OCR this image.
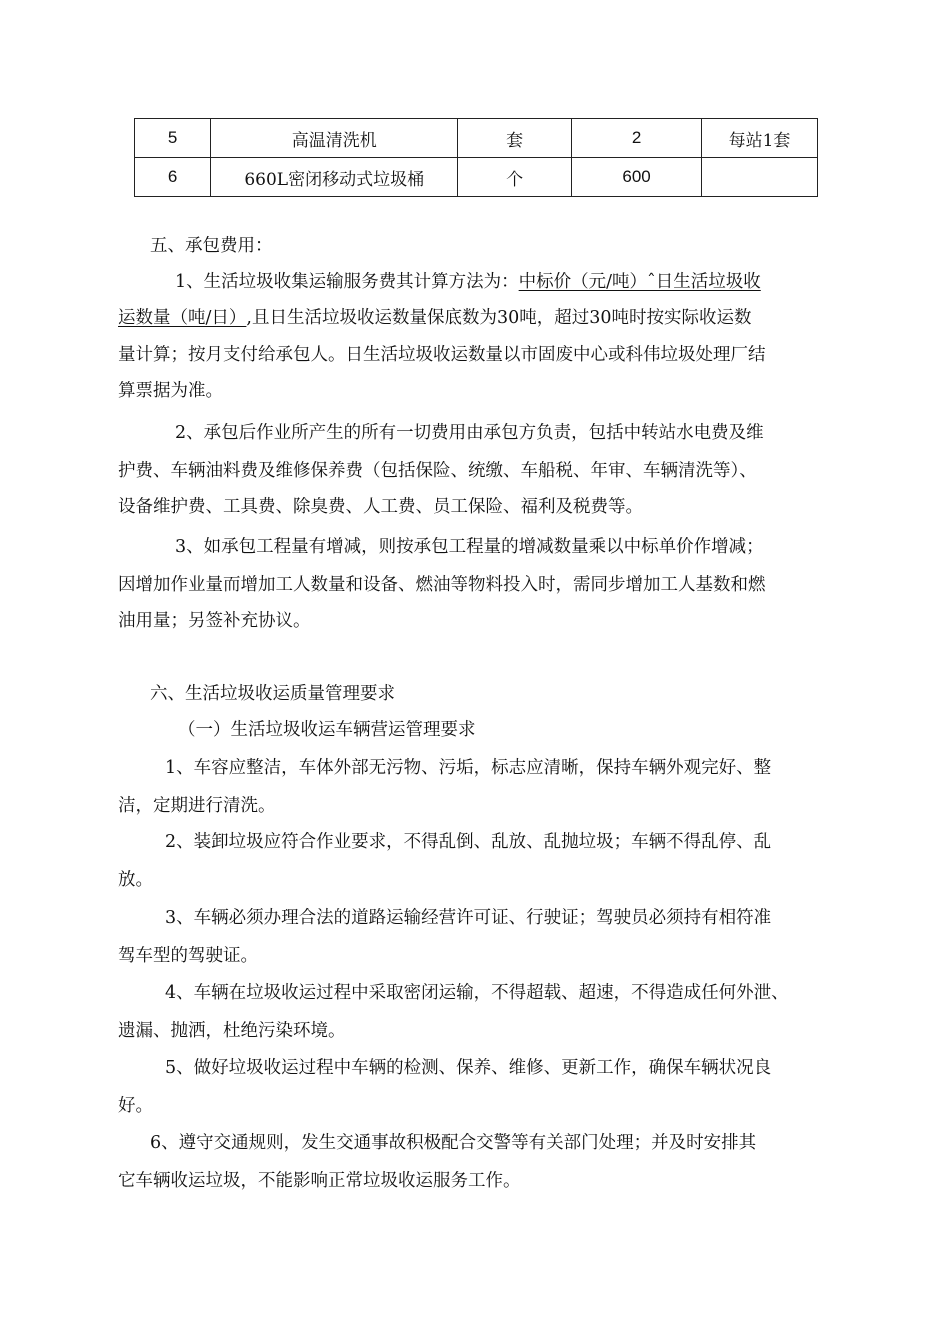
5	高温清洗机	套	2	每站1套
6	660L密闭移动式垃圾桶	个	600	
五、承包费用：
1、生活垃圾收集运输服务费其计算方法为：中标价（元/吨）ˆ日生活垃圾收
运数量（吨/日）,且日生活垃圾收运数量保底数为30吨，超过30吨时按实际收运数
量计算；按月支付给承包人。日生活垃圾收运数量以市固废中心或科伟垃圾处理厂结
算票据为准。
2、承包后作业所产生的所有一切费用由承包方负责，包括中转站水电费及维
护费、车辆油料费及维修保养费（包括保险、统缴、车船税、年审、车辆清洗等）、
设备维护费、工具费、除臭费、人工费、员工保险、福利及税费等。
3、如承包工程量有增减，则按承包工程量的增减数量乘以中标单价作增减；
因增加作业量而增加工人数量和设备、燃油等物料投入时，需同步增加工人基数和燃
油用量；另签补充协议。
六、生活垃圾收运质量管理要求
（一）生活垃圾收运车辆营运管理要求
1、车容应整洁，车体外部无污物、污垢，标志应清晰，保持车辆外观完好、整
洁，定期进行清洗。
2、装卸垃圾应符合作业要求，不得乱倒、乱放、乱抛垃圾；车辆不得乱停、乱
放。
3、车辆必须办理合法的道路运输经营许可证、行驶证；驾驶员必须持有相符准
驾车型的驾驶证。
4、车辆在垃圾收运过程中采取密闭运输，不得超载、超速，不得造成任何外泄、
遗漏、抛洒，杜绝污染环境。
5、做好垃圾收运过程中车辆的检测、保养、维修、更新工作，确保车辆状况良
好。
6、遵守交通规则，发生交通事故积极配合交警等有关部门处理；并及时安排其
它车辆收运垃圾，不能影响正常垃圾收运服务工作。
